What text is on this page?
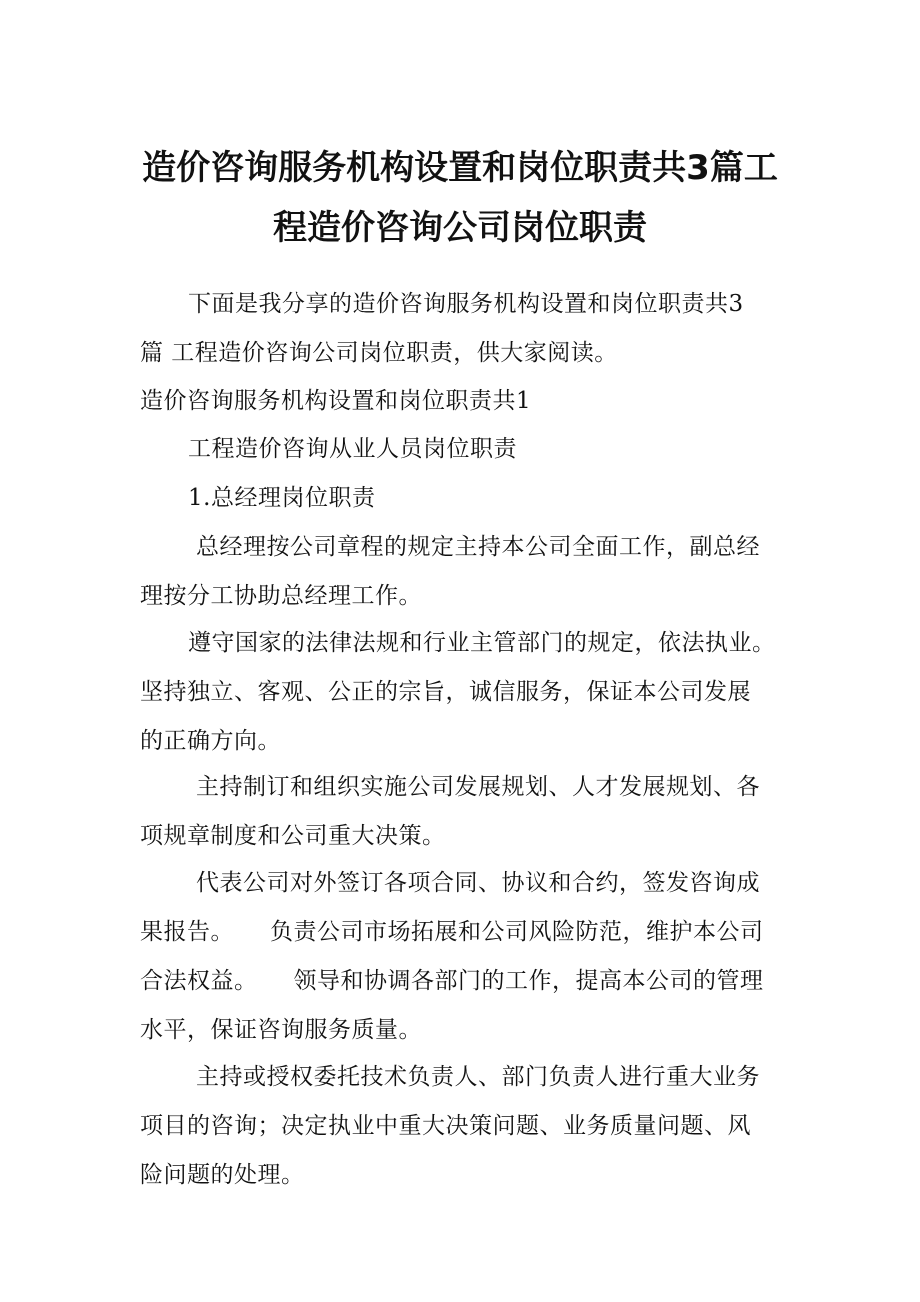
造价咨询服务机构设置和岗位职责共3篇工
程造价咨询公司岗位职责

下面是我分享的造价咨询服务机构设置和岗位职责共3
篇 工程造价咨询公司岗位职责，供大家阅读。

造价咨询服务机构设置和岗位职责共1

工程造价咨询从业人员岗位职责

1.总经理岗位职责

总经理按公司章程的规定主持本公司全面工作，副总经
理按分工协助总经理工作。

遵守国家的法律法规和行业主管部门的规定，依法执业。
坚持独立、客观、公正的宗旨，诚信服务，保证本公司发展
的正确方向。

主持制订和组织实施公司发展规划、人才发展规划、各
项规章制度和公司重大决策。

代表公司对外签订各项合同、协议和合约，签发咨询成
果报告。 负责公司市场拓展和公司风险防范，维护本公司
合法权益。 领导和协调各部门的工作，提高本公司的管理
水平，保证咨询服务质量。

主持或授权委托技术负责人、部门负责人进行重大业务
项目的咨询；决定执业中重大决策问题、业务质量问题、风
险问题的处理。
